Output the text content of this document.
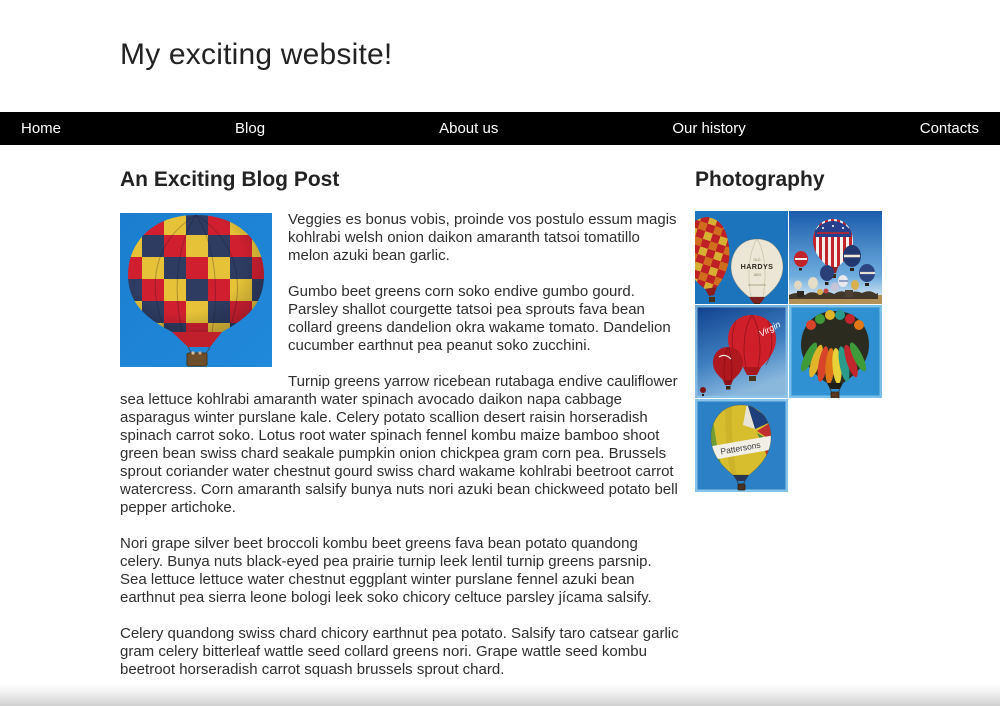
My exciting website!
Home	Blog	About us	Our history	Contacts
An Exciting Blog Post

Veggies es bonus vobis, proinde vos postulo essum magis kohlrabi welsh onion daikon amaranth tatsoi tomatillo melon azuki bean garlic.

Gumbo beet greens corn soko endive gumbo gourd. Parsley shallot courgette tatsoi pea sprouts fava bean collard greens dandelion okra wakame tomato. Dandelion cucumber earthnut pea peanut soko zucchini.

Turnip greens yarrow ricebean rutabaga endive cauliflower sea lettuce kohlrabi amaranth water spinach avocado daikon napa cabbage asparagus winter purslane kale. Celery potato scallion desert raisin horseradish spinach carrot soko. Lotus root water spinach fennel kombu maize bamboo shoot green bean swiss chard seakale pumpkin onion chickpea gram corn pea. Brussels sprout coriander water chestnut gourd swiss chard wakame kohlrabi beetroot carrot watercress. Corn amaranth salsify bunya nuts nori azuki bean chickweed potato bell pepper artichoke.

Nori grape silver beet broccoli kombu beet greens fava bean potato quandong celery. Bunya nuts black-eyed pea prairie turnip leek lentil turnip greens parsnip. Sea lettuce lettuce water chestnut eggplant winter purslane fennel azuki bean earthnut pea sierra leone bologi leek soko chicory celtuce parsley jícama salsify.

Celery quandong swiss chard chicory earthnut pea potato. Salsify taro catsear garlic gram celery bitterleaf wattle seed collard greens nori. Grape wattle seed kombu beetroot horseradish carrot squash brussels sprout chard.

Photography
OLD
HARDYS
1853
Virgin
Pattersons
